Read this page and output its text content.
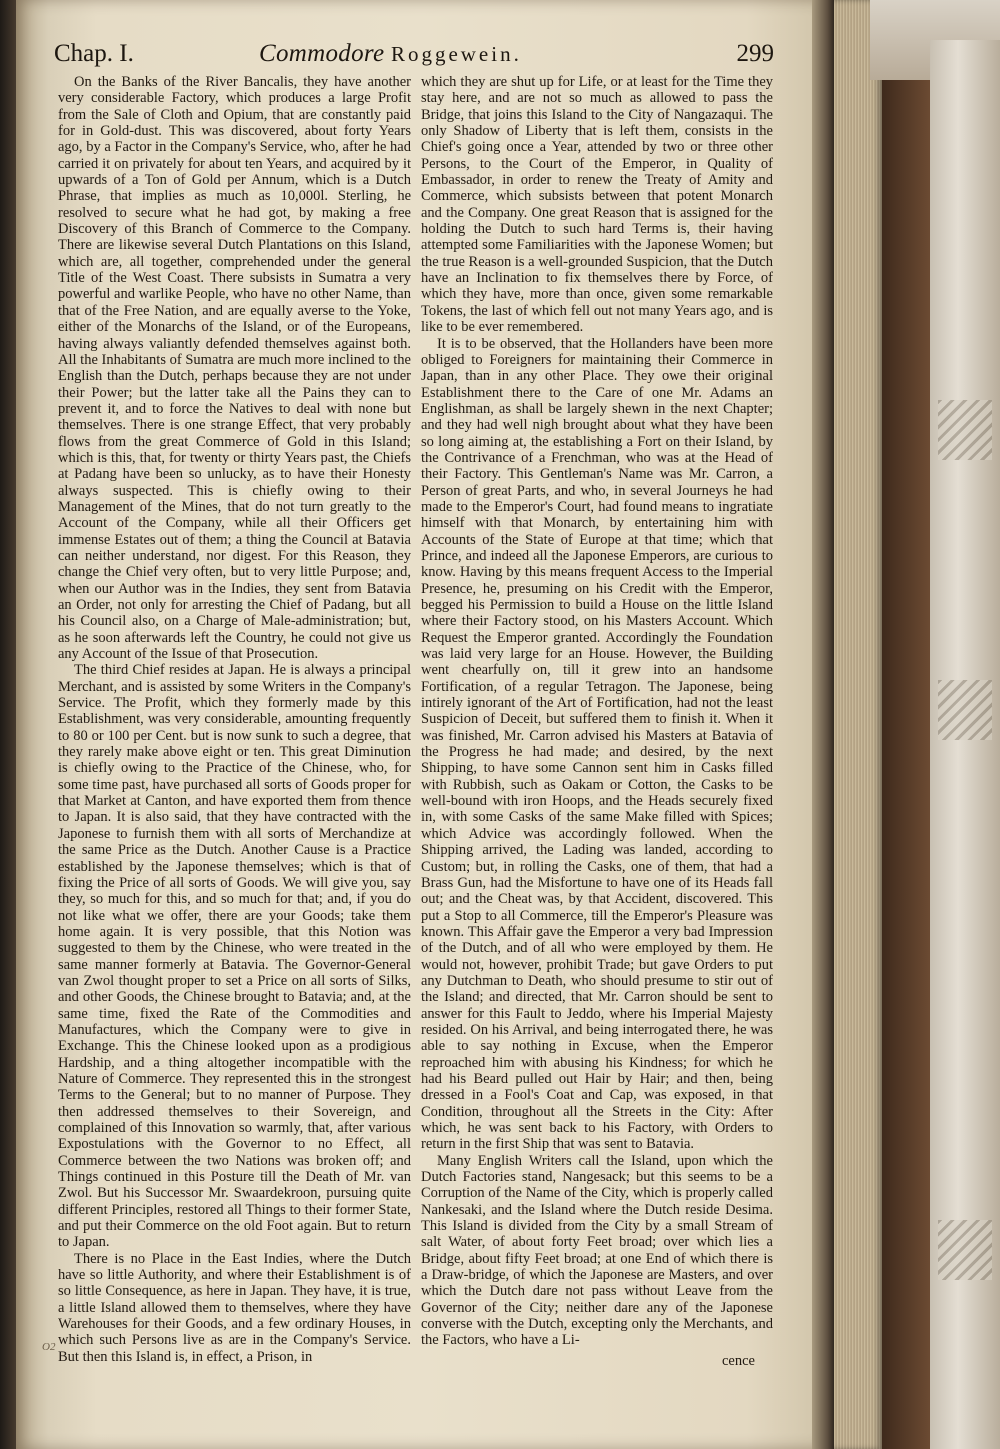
Chap. I.	Commodore Roggewein.	299

On the Banks of the River Bancalis, they have another very considerable Factory, which produces a large Profit from the Sale of Cloth and Opium, that are constantly paid for in Gold-dust. This was discovered, about forty Years ago, by a Factor in the Company's Service, who, after he had carried it on privately for about ten Years, and acquired by it upwards of a Ton of Gold per Annum, which is a Dutch Phrase, that implies as much as 10,000l. Sterling, he resolved to secure what he had got, by making a free Discovery of this Branch of Commerce to the Company. There are likewise several Dutch Plantations on this Island, which are, all together, comprehended under the general Title of the West Coast. There subsists in Sumatra a very powerful and warlike People, who have no other Name, than that of the Free Nation, and are equally averse to the Yoke, either of the Monarchs of the Island, or of the Europeans, having always valiantly defended themselves against both. All the Inhabitants of Sumatra are much more inclined to the English than the Dutch, perhaps because they are not under their Power; but the latter take all the Pains they can to prevent it, and to force the Natives to deal with none but themselves. There is one strange Effect, that very probably flows from the great Commerce of Gold in this Island; which is this, that, for twenty or thirty Years past, the Chiefs at Padang have been so unlucky, as to have their Honesty always suspected. This is chiefly owing to their Management of the Mines, that do not turn greatly to the Account of the Company, while all their Officers get immense Estates out of them; a thing the Council at Batavia can neither understand, nor digest. For this Reason, they change the Chief very often, but to very little Purpose; and, when our Author was in the Indies, they sent from Batavia an Order, not only for arresting the Chief of Padang, but all his Council also, on a Charge of Male-administration; but, as he soon afterwards left the Country, he could not give us any Account of the Issue of that Prosecution.

The third Chief resides at Japan. He is always a principal Merchant, and is assisted by some Writers in the Company's Service. The Profit, which they formerly made by this Establishment, was very considerable, amounting frequently to 80 or 100 per Cent. but is now sunk to such a degree, that they rarely make above eight or ten. This great Diminution is chiefly owing to the Practice of the Chinese, who, for some time past, have purchased all sorts of Goods proper for that Market at Canton, and have exported them from thence to Japan. It is also said, that they have contracted with the Japonese to furnish them with all sorts of Merchandize at the same Price as the Dutch. Another Cause is a Practice established by the Japonese themselves; which is that of fixing the Price of all sorts of Goods. We will give you, say they, so much for this, and so much for that; and, if you do not like what we offer, there are your Goods; take them home again. It is very possible, that this Notion was suggested to them by the Chinese, who were treated in the same manner formerly at Batavia. The Governor-General van Zwol thought proper to set a Price on all sorts of Silks, and other Goods, the Chinese brought to Batavia; and, at the same time, fixed the Rate of the Commodities and Manufactures, which the Company were to give in Exchange. This the Chinese looked upon as a prodigious Hardship, and a thing altogether incompatible with the Nature of Commerce. They represented this in the strongest Terms to the General; but to no manner of Purpose. They then addressed themselves to their Sovereign, and complained of this Innovation so warmly, that, after various Expostulations with the Governor to no Effect, all Commerce between the two Nations was broken off; and Things continued in this Posture till the Death of Mr. van Zwol. But his Successor Mr. Swaardekroon, pursuing quite different Principles, restored all Things to their former State, and put their Commerce on the old Foot again. But to return to Japan.

There is no Place in the East Indies, where the Dutch have so little Authority, and where their Establishment is of so little Consequence, as here in Japan. They have, it is true, a little Island allowed them to themselves, where they have Warehouses for their Goods, and a few ordinary Houses, in which such Persons live as are in the Company's Service. But then this Island is, in effect, a Prison, in

which they are shut up for Life, or at least for the Time they stay here, and are not so much as allowed to pass the Bridge, that joins this Island to the City of Nangazaqui. The only Shadow of Liberty that is left them, consists in the Chief's going once a Year, attended by two or three other Persons, to the Court of the Emperor, in Quality of Embassador, in order to renew the Treaty of Amity and Commerce, which subsists between that potent Monarch and the Company. One great Reason that is assigned for the holding the Dutch to such hard Terms is, their having attempted some Familiarities with the Japonese Women; but the true Reason is a well-grounded Suspicion, that the Dutch have an Inclination to fix themselves there by Force, of which they have, more than once, given some remarkable Tokens, the last of which fell out not many Years ago, and is like to be ever remembered.

It is to be observed, that the Hollanders have been more obliged to Foreigners for maintaining their Commerce in Japan, than in any other Place. They owe their original Establishment there to the Care of one Mr. Adams an Englishman, as shall be largely shewn in the next Chapter; and they had well nigh brought about what they have been so long aiming at, the establishing a Fort on their Island, by the Contrivance of a Frenchman, who was at the Head of their Factory. This Gentleman's Name was Mr. Carron, a Person of great Parts, and who, in several Journeys he had made to the Emperor's Court, had found means to ingratiate himself with that Monarch, by entertaining him with Accounts of the State of Europe at that time; which that Prince, and indeed all the Japonese Emperors, are curious to know. Having by this means frequent Access to the Imperial Presence, he, presuming on his Credit with the Emperor, begged his Permission to build a House on the little Island where their Factory stood, on his Masters Account. Which Request the Emperor granted. Accordingly the Foundation was laid very large for an House. However, the Building went chearfully on, till it grew into an handsome Fortification, of a regular Tetragon. The Japonese, being intirely ignorant of the Art of Fortification, had not the least Suspicion of Deceit, but suffered them to finish it. When it was finished, Mr. Carron advised his Masters at Batavia of the Progress he had made; and desired, by the next Shipping, to have some Cannon sent him in Casks filled with Rubbish, such as Oakam or Cotton, the Casks to be well-bound with iron Hoops, and the Heads securely fixed in, with some Casks of the same Make filled with Spices; which Advice was accordingly followed. When the Shipping arrived, the Lading was landed, according to Custom; but, in rolling the Casks, one of them, that had a Brass Gun, had the Misfortune to have one of its Heads fall out; and the Cheat was, by that Accident, discovered. This put a Stop to all Commerce, till the Emperor's Pleasure was known. This Affair gave the Emperor a very bad Impression of the Dutch, and of all who were employed by them. He would not, however, prohibit Trade; but gave Orders to put any Dutchman to Death, who should presume to stir out of the Island; and directed, that Mr. Carron should be sent to answer for this Fault to Jeddo, where his Imperial Majesty resided. On his Arrival, and being interrogated there, he was able to say nothing in Excuse, when the Emperor reproached him with abusing his Kindness; for which he had his Beard pulled out Hair by Hair; and then, being dressed in a Fool's Coat and Cap, was exposed, in that Condition, throughout all the Streets in the City: After which, he was sent back to his Factory, with Orders to return in the first Ship that was sent to Batavia.

Many English Writers call the Island, upon which the Dutch Factories stand, Nangesack; but this seems to be a Corruption of the Name of the City, which is properly called Nankesaki, and the Island where the Dutch reside Desima. This Island is divided from the City by a small Stream of salt Water, of about forty Feet broad; over which lies a Bridge, about fifty Feet broad; at one End of which there is a Draw-bridge, of which the Japonese are Masters, and over which the Dutch dare not pass without Leave from the Governor of the City; neither dare any of the Japonese converse with the Dutch, excepting only the Merchants, and the Factors, who have a Li-

cence
O2
